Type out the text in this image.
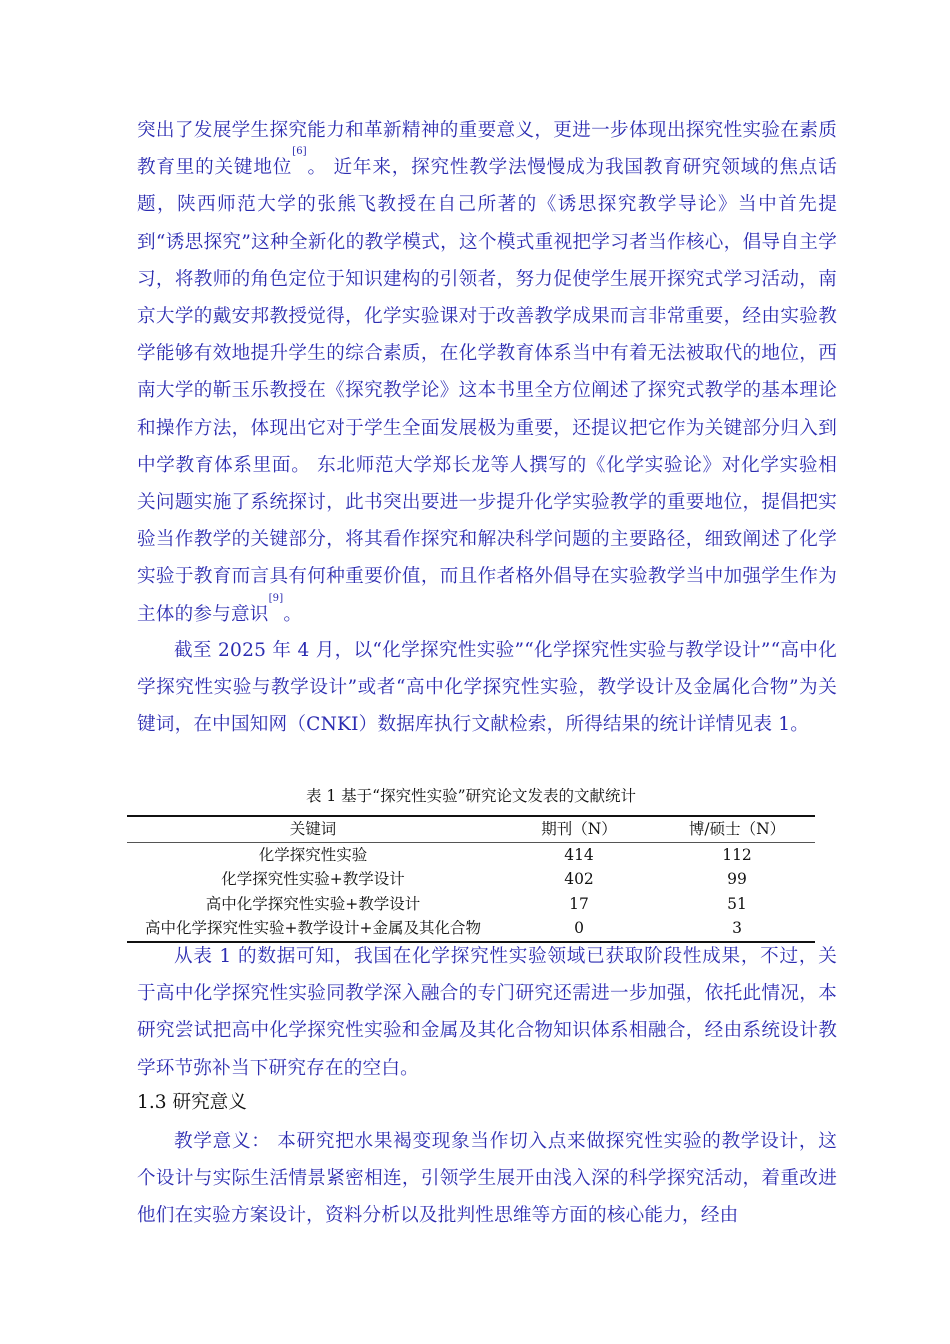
突出了发展学生探究能力和革新精神的重要意义，更进一步体现出探究性实验在素质教育里的关键地位[6]。 近年来，探究性教学法慢慢成为我国教育研究领域的焦点话题，陕西师范大学的张熊飞教授在自己所著的《诱思探究教学导论》当中首先提到“诱思探究”这种全新化的教学模式，这个模式重视把学习者当作核心，倡导自主学习，将教师的角色定位于知识建构的引领者，努力促使学生展开探究式学习活动，南京大学的戴安邦教授觉得，化学实验课对于改善教学成果而言非常重要，经由实验教学能够有效地提升学生的综合素质，在化学教育体系当中有着无法被取代的地位，西南大学的靳玉乐教授在《探究教学论》这本书里全方位阐述了探究式教学的基本理论和操作方法，体现出它对于学生全面发展极为重要，还提议把它作为关键部分归入到中学教育体系里面。 东北师范大学郑长龙等人撰写的《化学实验论》对化学实验相关问题实施了系统探讨，此书突出要进一步提升化学实验教学的重要地位，提倡把实验当作教学的关键部分，将其看作探究和解决科学问题的主要路径，细致阐述了化学实验于教育而言具有何种重要价值，而且作者格外倡导在实验教学当中加强学生作为主体的参与意识[9]。

截至 2025 年 4 月，以“化学探究性实验”“化学探究性实验与教学设计”“高中化学探究性实验与教学设计”或者“高中化学探究性实验，教学设计及金属化合物”为关键词，在中国知网（CNKI）数据库执行文献检索，所得结果的统计详情见表 1。

表 1 基于“探究性实验”研究论文发表的文献统计
关键词	期刊（N）	博/硕士（N）
化学探究性实验	414	112
化学探究性实验+教学设计	402	99
高中化学探究性实验+教学设计	17	51
高中化学探究性实验+教学设计+金属及其化合物	0	3

从表 1 的数据可知，我国在化学探究性实验领域已获取阶段性成果，不过，关于高中化学探究性实验同教学深入融合的专门研究还需进一步加强，依托此情况，本研究尝试把高中化学探究性实验和金属及其化合物知识体系相融合，经由系统设计教学环节弥补当下研究存在的空白。

1.3 研究意义

教学意义： 本研究把水果褐变现象当作切入点来做探究性实验的教学设计，这个设计与实际生活情景紧密相连，引领学生展开由浅入深的科学探究活动，着重改进他们在实验方案设计，资料分析以及批判性思维等方面的核心能力，经由
